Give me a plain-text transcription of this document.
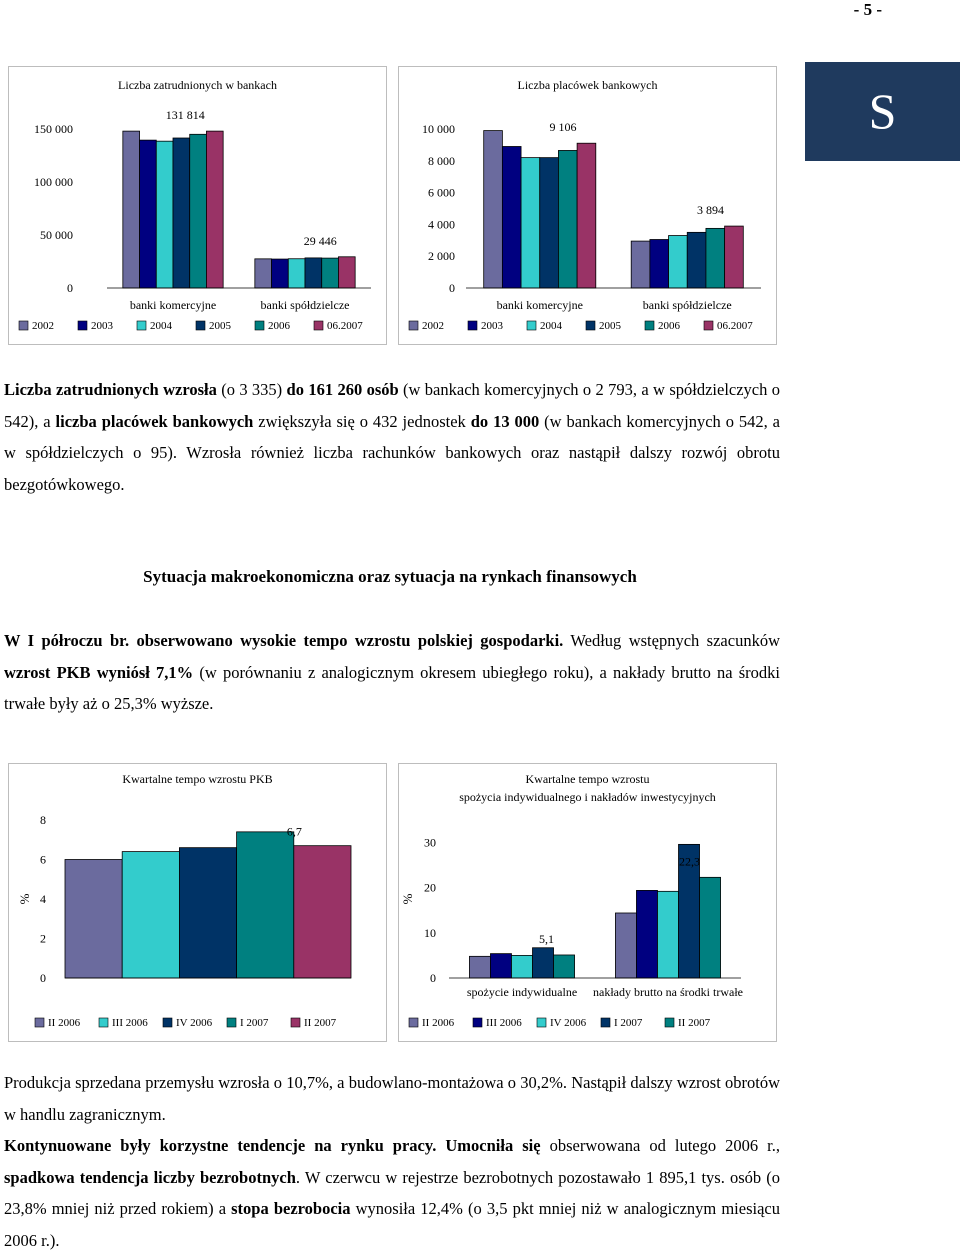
- 5 -
Liczba zatrudnionych w bankach
0
50 000
100 000
150 000
banki komercyjne	banki spółdzielcze
131 814
29 446
2002	2003	2004	2005	2006	06.2007
Liczba placówek bankowych
0
2 000
4 000
6 000
8 000
10 000
banki komercyjne	banki spółdzielcze
9 106
3 894
2002	2003	2004	2005	2006	06.2007
S

Liczba zatrudnionych wzrosła (o 3 335) do 161 260 osób (w bankach komercyjnych o 2 793, a w spółdzielczych o 542), a liczba placówek bankowych zwiększyła się o 432 jednostek do 13 000 (w bankach komercyjnych o 542, a w spółdzielczych o 95). Wzrosła również liczba rachunków bankowych oraz nastąpił dalszy rozwój obrotu bezgotówkowego.

Sytuacja makroekonomiczna oraz sytuacja na rynkach finansowych

W I półroczu br. obserwowano wysokie tempo wzrostu polskiej gospodarki. Według wstępnych szacunków wzrost PKB wyniósł 7,1% (w porównaniu z analogicznym okresem ubiegłego roku), a nakłady brutto na środki trwałe były aż o 25,3% wyższe.

Kwartalne tempo wzrostu PKB
0
2
4
6
8
%
6,7
II 2006	III 2006	IV 2006	I 2007	II 2007
Kwartalne tempo wzrostu
spożycia indywidualnego i nakładów inwestycyjnych
0
10
20
30
%
spożycie indywidualne nakłady brutto na środki trwałe
5,1
22,3
II 2006	III 2006	IV 2006	I 2007	II 2007

Produkcja sprzedana przemysłu wzrosła o 10,7%, a budowlano-montażowa o 30,2%. Nastąpił dalszy wzrost obrotów w handlu zagranicznym.

Kontynuowane były korzystne tendencje na rynku pracy. Umocniła się obserwowana od lutego 2006 r., spadkowa tendencja liczby bezrobotnych. W czerwcu w rejestrze bezrobotnych pozostawało 1 895,1 tys. osób (o 23,8% mniej niż przed rokiem) a stopa bezrobocia wynosiła 12,4% (o 3,5 pkt mniej niż w analogicznym miesiącu 2006 r.).
